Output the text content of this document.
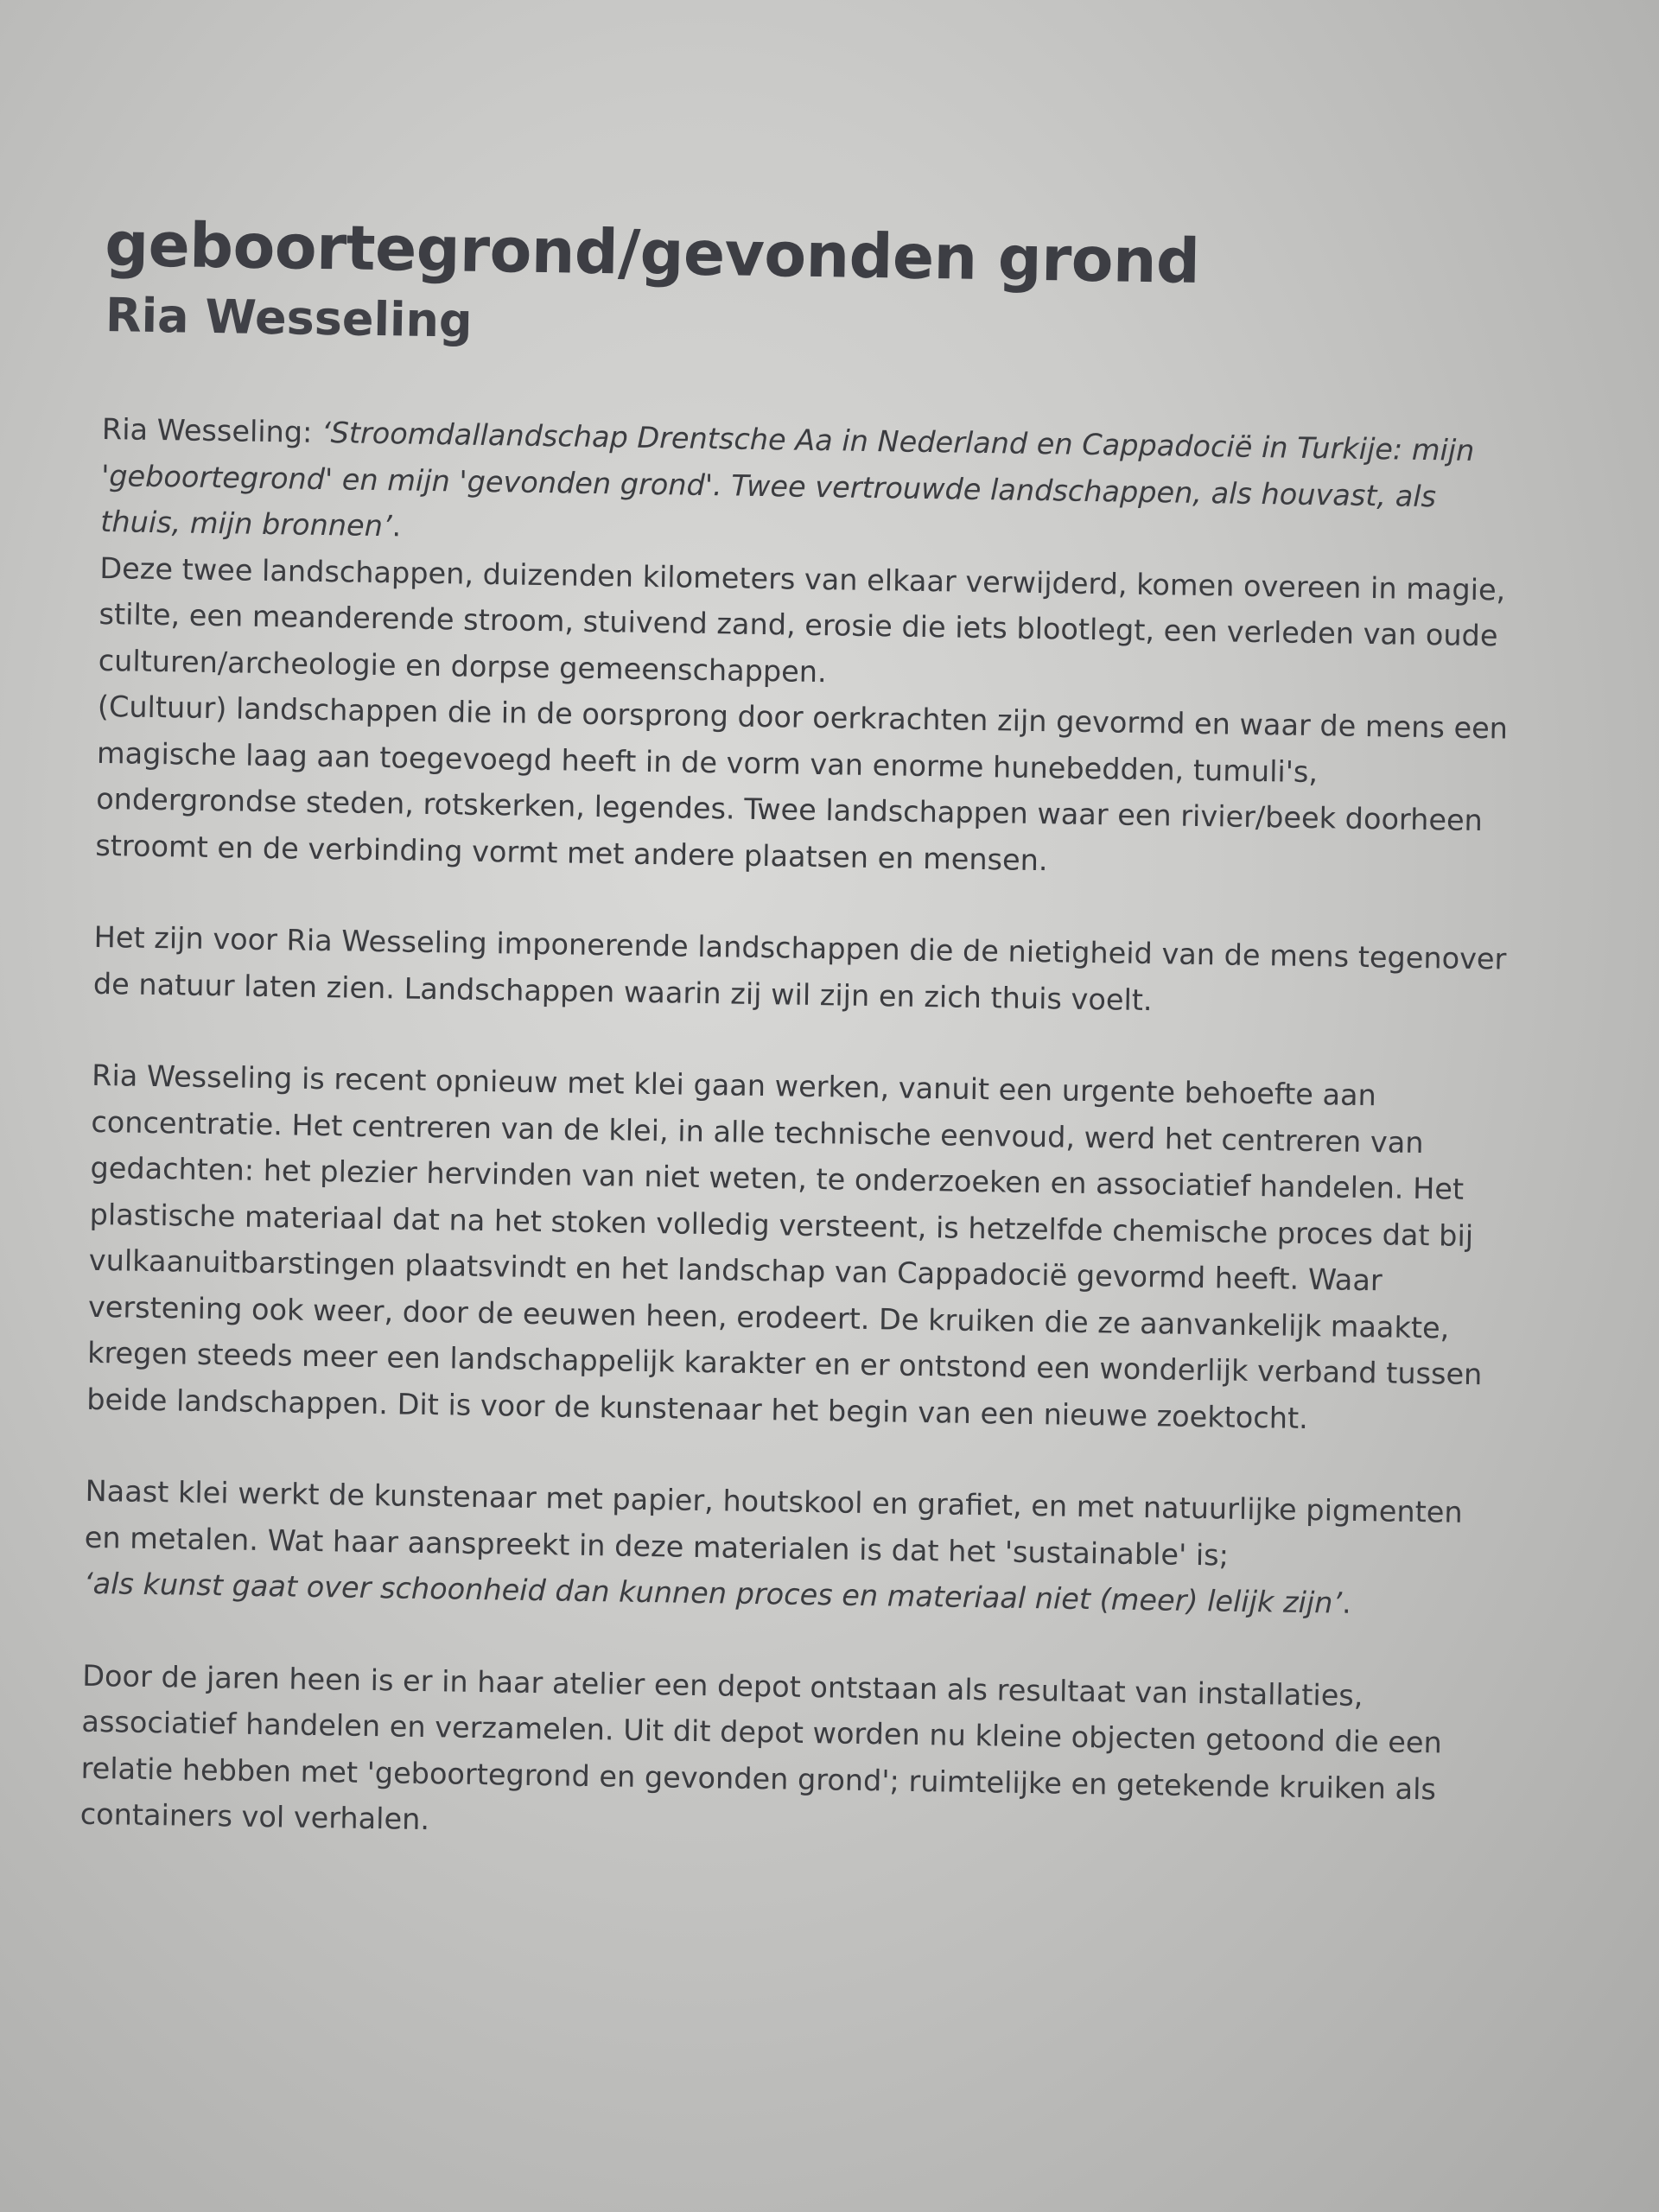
geboortegrond/gevonden grond
Ria Wesseling

Ria Wesseling: ‘Stroomdallandschap Drentsche Aa in Nederland en Cappadocië in Turkije: mijn 'geboortegrond' en mijn 'gevonden grond'. Twee vertrouwde landschappen, als houvast, als thuis, mijn bronnen’.

Deze twee landschappen, duizenden kilometers van elkaar verwijderd, komen overeen in magie, stilte, een meanderende stroom, stuivend zand, erosie die iets blootlegt, een verleden van oude culturen/archeologie en dorpse gemeenschappen.

(Cultuur) landschappen die in de oorsprong door oerkrachten zijn gevormd en waar de mens een magische laag aan toegevoegd heeft in de vorm van enorme hunebedden, tumuli's, ondergrondse steden, rotskerken, legendes. Twee landschappen waar een rivier/beek doorheen stroomt en de verbinding vormt met andere plaatsen en mensen.

Het zijn voor Ria Wesseling imponerende landschappen die de nietigheid van de mens tegenover de natuur laten zien. Landschappen waarin zij wil zijn en zich thuis voelt.

Ria Wesseling is recent opnieuw met klei gaan werken, vanuit een urgente behoefte aan concentratie. Het centreren van de klei, in alle technische eenvoud, werd het centreren van gedachten: het plezier hervinden van niet weten, te onderzoeken en associatief handelen. Het plastische materiaal dat na het stoken volledig versteent, is hetzelfde chemische proces dat bij vulkaanuitbarstingen plaatsvindt en het landschap van Cappadocië gevormd heeft. Waar verstening ook weer, door de eeuwen heen, erodeert. De kruiken die ze aanvankelijk maakte, kregen steeds meer een landschappelijk karakter en er ontstond een wonderlijk verband tussen beide landschappen. Dit is voor de kunstenaar het begin van een nieuwe zoektocht.

Naast klei werkt de kunstenaar met papier, houtskool en grafiet, en met natuurlijke pigmenten en metalen. Wat haar aanspreekt in deze materialen is dat het 'sustainable' is;
‘als kunst gaat over schoonheid dan kunnen proces en materiaal niet (meer) lelijk zijn’.

Door de jaren heen is er in haar atelier een depot ontstaan als resultaat van installaties, associatief handelen en verzamelen. Uit dit depot worden nu kleine objecten getoond die een relatie hebben met 'geboortegrond en gevonden grond'; ruimtelijke en getekende kruiken als containers vol verhalen.
